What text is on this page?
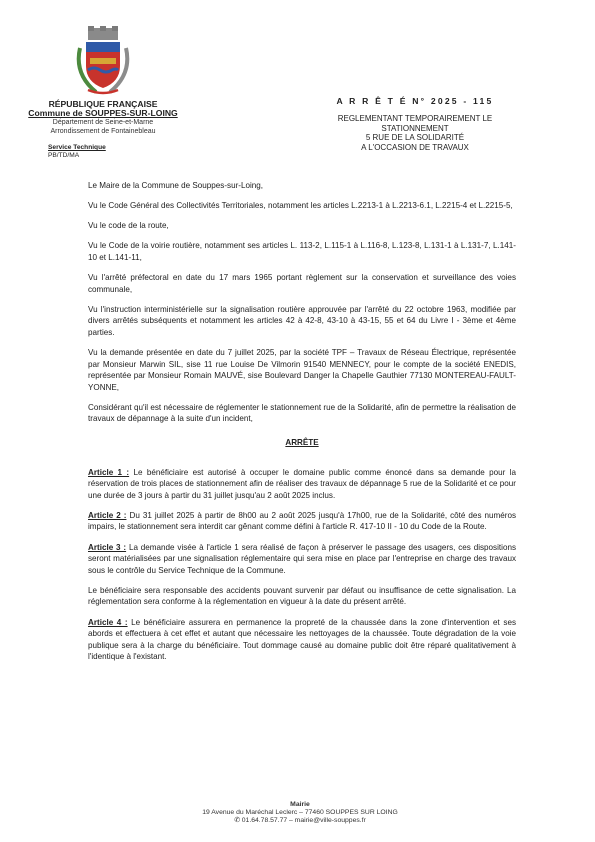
RÉPUBLIQUE FRANÇAISE
Commune de SOUPPES-SUR-LOING
Département de Seine-et-Marne
Arrondissement de Fontainebleau
Service Technique
PB/TD/MA
A R R Ê T É N° 2025 - 115
REGLEMENTANT TEMPORAIREMENT LE
STATIONNEMENT
5 RUE DE LA SOLIDARITÉ
A L'OCCASION DE TRAVAUX

Le Maire de la Commune de Souppes-sur-Loing,

Vu le Code Général des Collectivités Territoriales, notamment les articles L.2213-1 à L.2213-6.1, L.2215-4 et L.2215-5,

Vu le code de la route,

Vu le Code de la voirie routière, notamment ses articles L. 113-2, L.115-1 à L.116-8, L.123-8, L.131-1 à L.131-7, L.141-10 et L.141-11,

Vu l'arrêté préfectoral en date du 17 mars 1965 portant règlement sur la conservation et surveillance des voies communale,

Vu l'instruction interministérielle sur la signalisation routière approuvée par l'arrêté du 22 octobre 1963, modifiée par divers arrêtés subséquents et notamment les articles 42 à 42-8, 43-10 à 43-15, 55 et 64 du Livre I - 3ème et 4ème parties.

Vu la demande présentée en date du 7 juillet 2025, par la société TPF – Travaux de Réseau Électrique, représentée par Monsieur Marwin SIL, sise 11 rue Louise De Vilmorin 91540 MENNECY, pour le compte de la société ENEDIS, représentée par Monsieur Romain MAUVÉ, sise Boulevard Danger la Chapelle Gauthier 77130 MONTEREAU-FAULT-YONNE,

Considérant qu'il est nécessaire de réglementer le stationnement rue de la Solidarité, afin de permettre la réalisation de travaux de dépannage à la suite d'un incident,

ARRÊTE

Article 1 : Le bénéficiaire est autorisé à occuper le domaine public comme énoncé dans sa demande pour la réservation de trois places de stationnement afin de réaliser des travaux de dépannage 5 rue de la Solidarité et ce pour une durée de 3 jours à partir du 31 juillet jusqu'au 2 août 2025 inclus.

Article 2 : Du 31 juillet 2025 à partir de 8h00 au 2 août 2025 jusqu'à 17h00, rue de la Solidarité, côté des numéros impairs, le stationnement sera interdit car gênant comme défini à l'article R. 417-10 II - 10 du Code de la Route.

Article 3 : La demande visée à l'article 1 sera réalisé de façon à préserver le passage des usagers, ces dispositions seront matérialisées par une signalisation réglementaire qui sera mise en place par l'entreprise en charge des travaux sous le contrôle du Service Technique de la Commune.

Le bénéficiaire sera responsable des accidents pouvant survenir par défaut ou insuffisance de cette signalisation. La réglementation sera conforme à la réglementation en vigueur à la date du présent arrêté.

Article 4 : Le bénéficiaire assurera en permanence la propreté de la chaussée dans la zone d'intervention et ses abords et effectuera à cet effet et autant que nécessaire les nettoyages de la chaussée. Toute dégradation de la voie publique sera à la charge du bénéficiaire. Tout dommage causé au domaine public doit être réparé qualitativement à l'identique à l'existant.

Mairie
19 Avenue du Maréchal Leclerc – 77460 SOUPPES SUR LOING
✆ 01.64.78.57.77 – mairie@ville-souppes.fr
